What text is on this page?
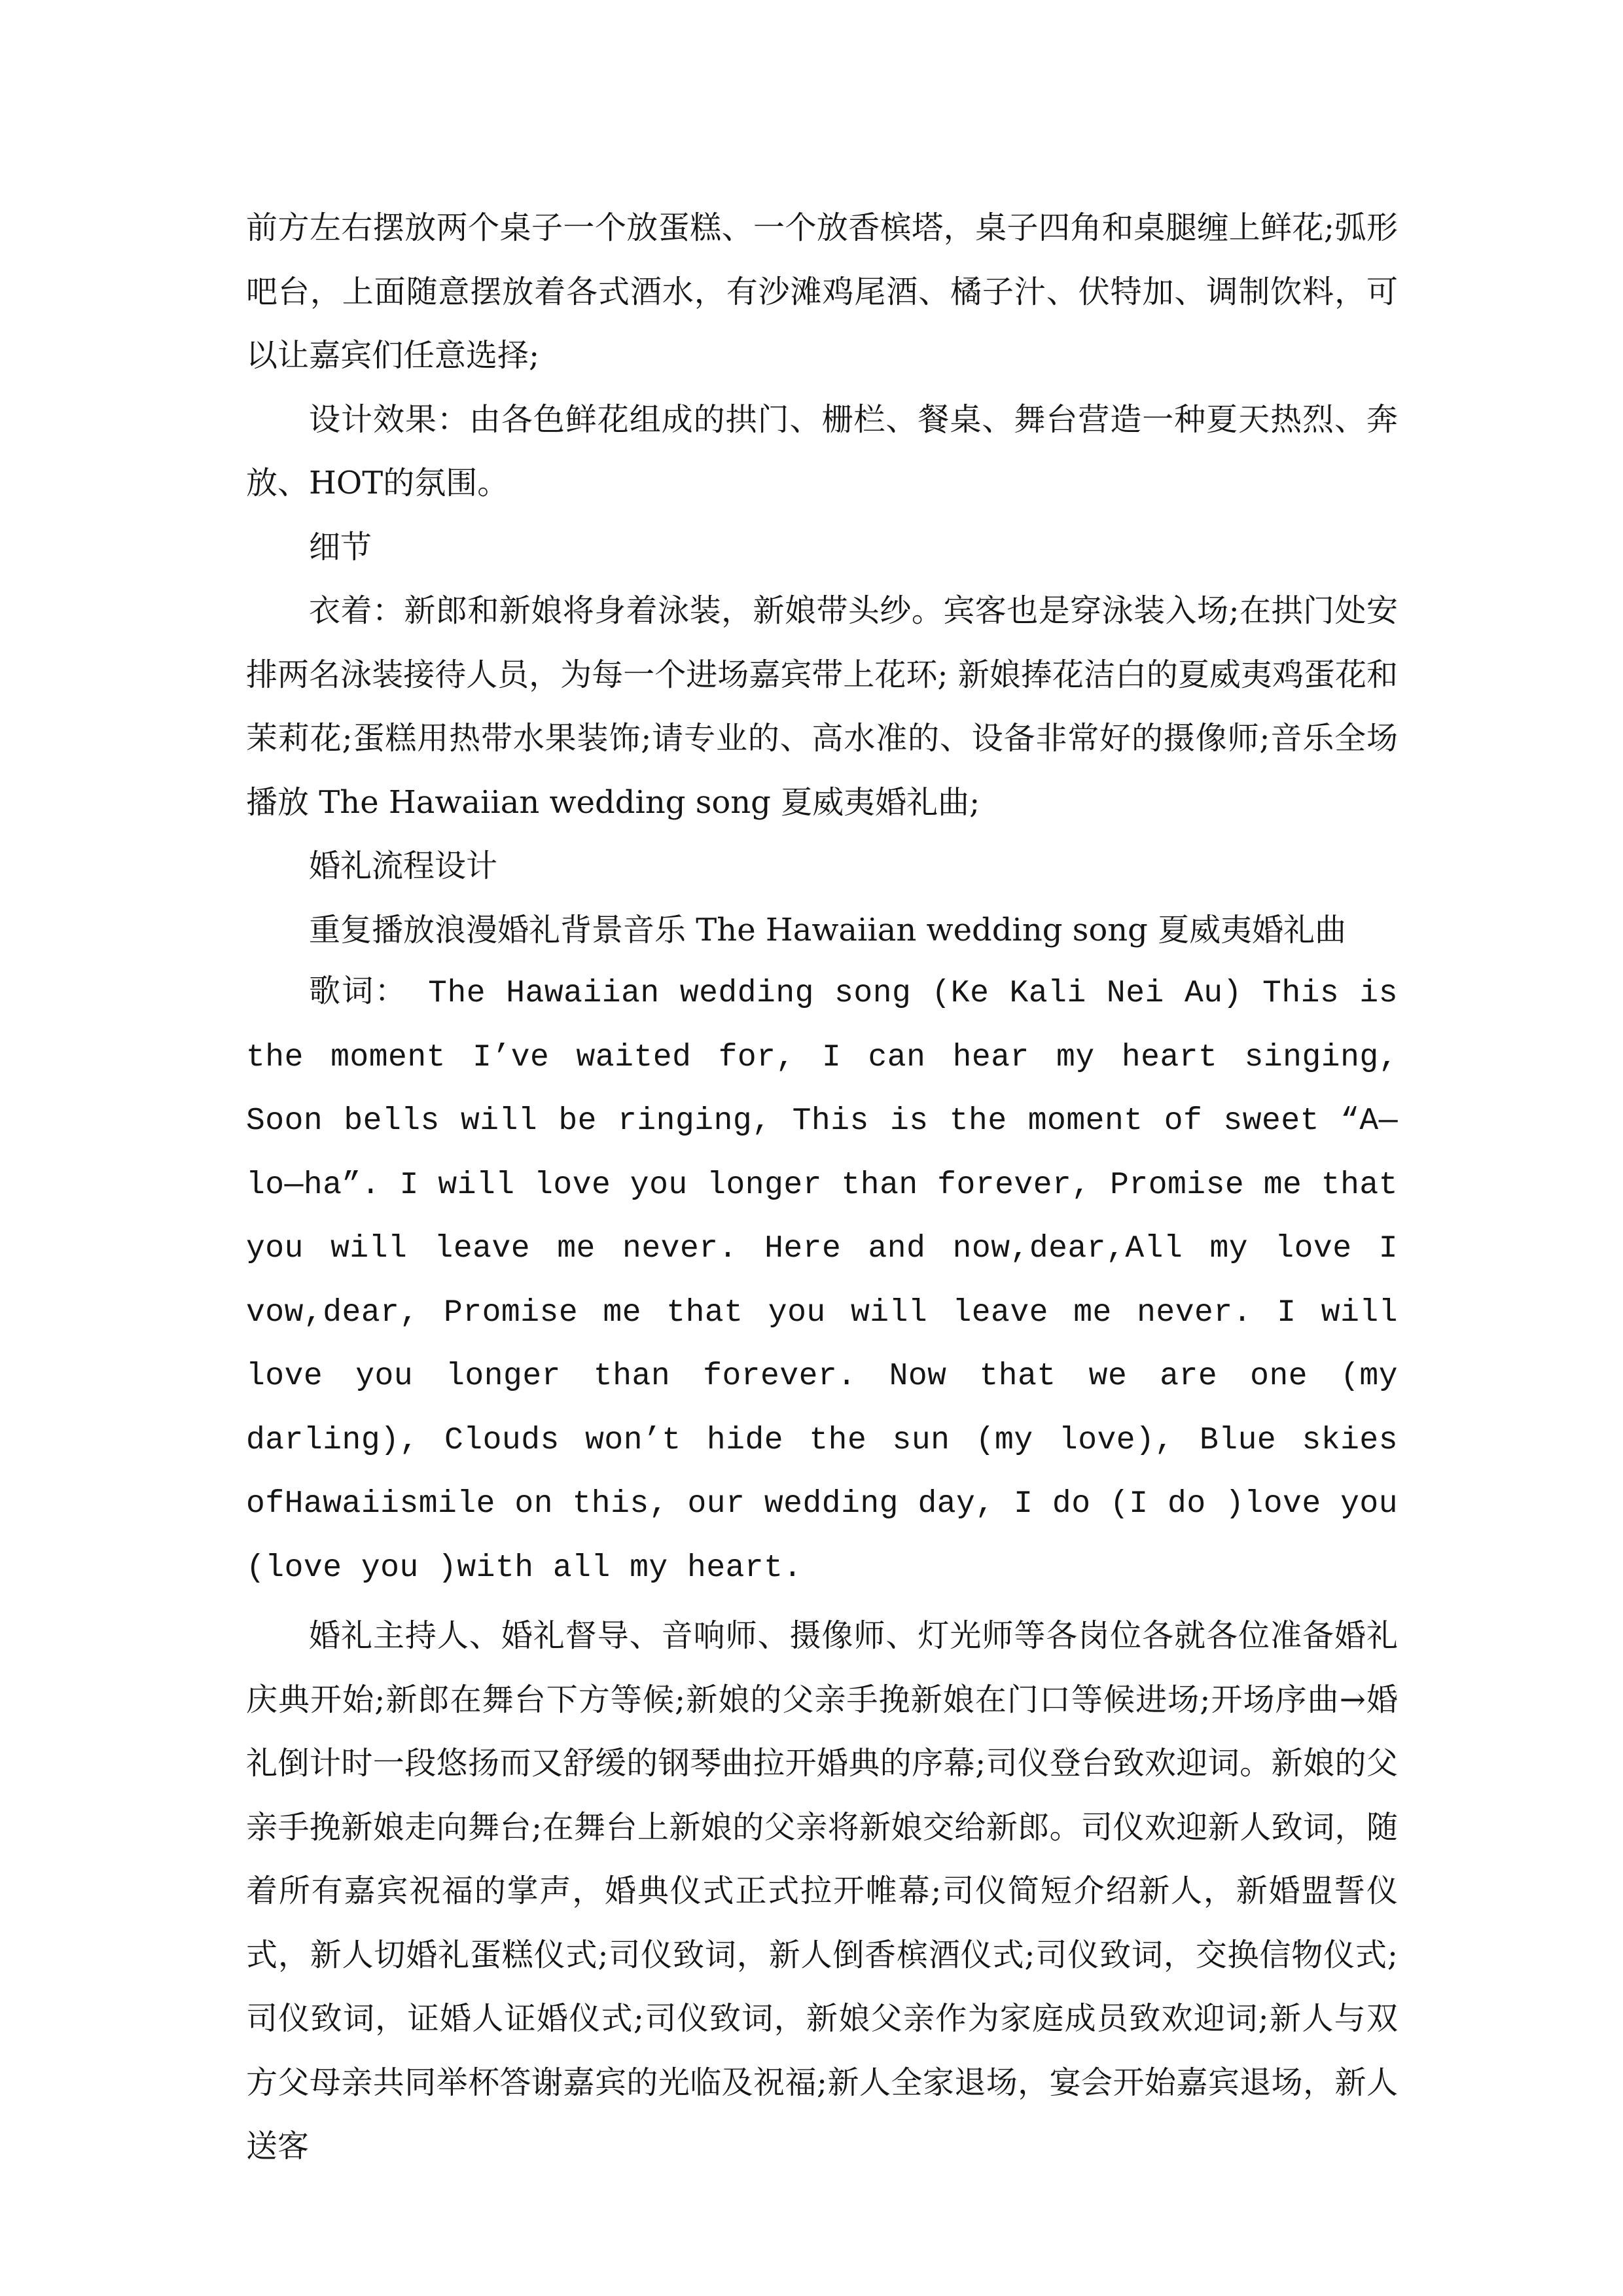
前方左右摆放两个桌子一个放蛋糕、一个放香槟塔，桌子四角和桌腿缠上鲜花;弧形吧台，上面随意摆放着各式酒水，有沙滩鸡尾酒、橘子汁、伏特加、调制饮料，可以让嘉宾们任意选择;

设计效果：由各色鲜花组成的拱门、栅栏、餐桌、舞台营造一种夏天热烈、奔放、HOT的氛围。

细节

衣着：新郎和新娘将身着泳装，新娘带头纱。宾客也是穿泳装入场;在拱门处安排两名泳装接待人员，为每一个进场嘉宾带上花环; 新娘捧花洁白的夏威夷鸡蛋花和茉莉花;蛋糕用热带水果装饰;请专业的、高水准的、设备非常好的摄像师;音乐全场播放 The Hawaiian wedding song 夏威夷婚礼曲;

婚礼流程设计

重复播放浪漫婚礼背景音乐 The Hawaiian wedding song 夏威夷婚礼曲

歌词： The Hawaiian wedding song (Ke Kali Nei Au) This is the moment I’ve waited for, I can hear my heart singing, Soon bells will be ringing, This is the moment of sweet “A—lo—ha”. I will love you longer than forever, Promise me that you will leave me never. Here and now,dear,All my love I vow,dear, Promise me that you will leave me never. I will love you longer than forever. Now that we are one (my darling), Clouds won’t hide the sun (my love), Blue skies ofHawaiismile on this, our wedding day, I do (I do )love you (love you )with all my heart.

婚礼主持人、婚礼督导、音响师、摄像师、灯光师等各岗位各就各位准备婚礼庆典开始;新郎在舞台下方等候;新娘的父亲手挽新娘在门口等候进场;开场序曲→婚礼倒计时一段悠扬而又舒缓的钢琴曲拉开婚典的序幕;司仪登台致欢迎词。新娘的父亲手挽新娘走向舞台;在舞台上新娘的父亲将新娘交给新郎。司仪欢迎新人致词，随着所有嘉宾祝福的掌声，婚典仪式正式拉开帷幕;司仪简短介绍新人，新婚盟誓仪式，新人切婚礼蛋糕仪式;司仪致词，新人倒香槟酒仪式;司仪致词，交换信物仪式;司仪致词，证婚人证婚仪式;司仪致词，新娘父亲作为家庭成员致欢迎词;新人与双方父母亲共同举杯答谢嘉宾的光临及祝福;新人全家退场，宴会开始嘉宾退场，新人送客
